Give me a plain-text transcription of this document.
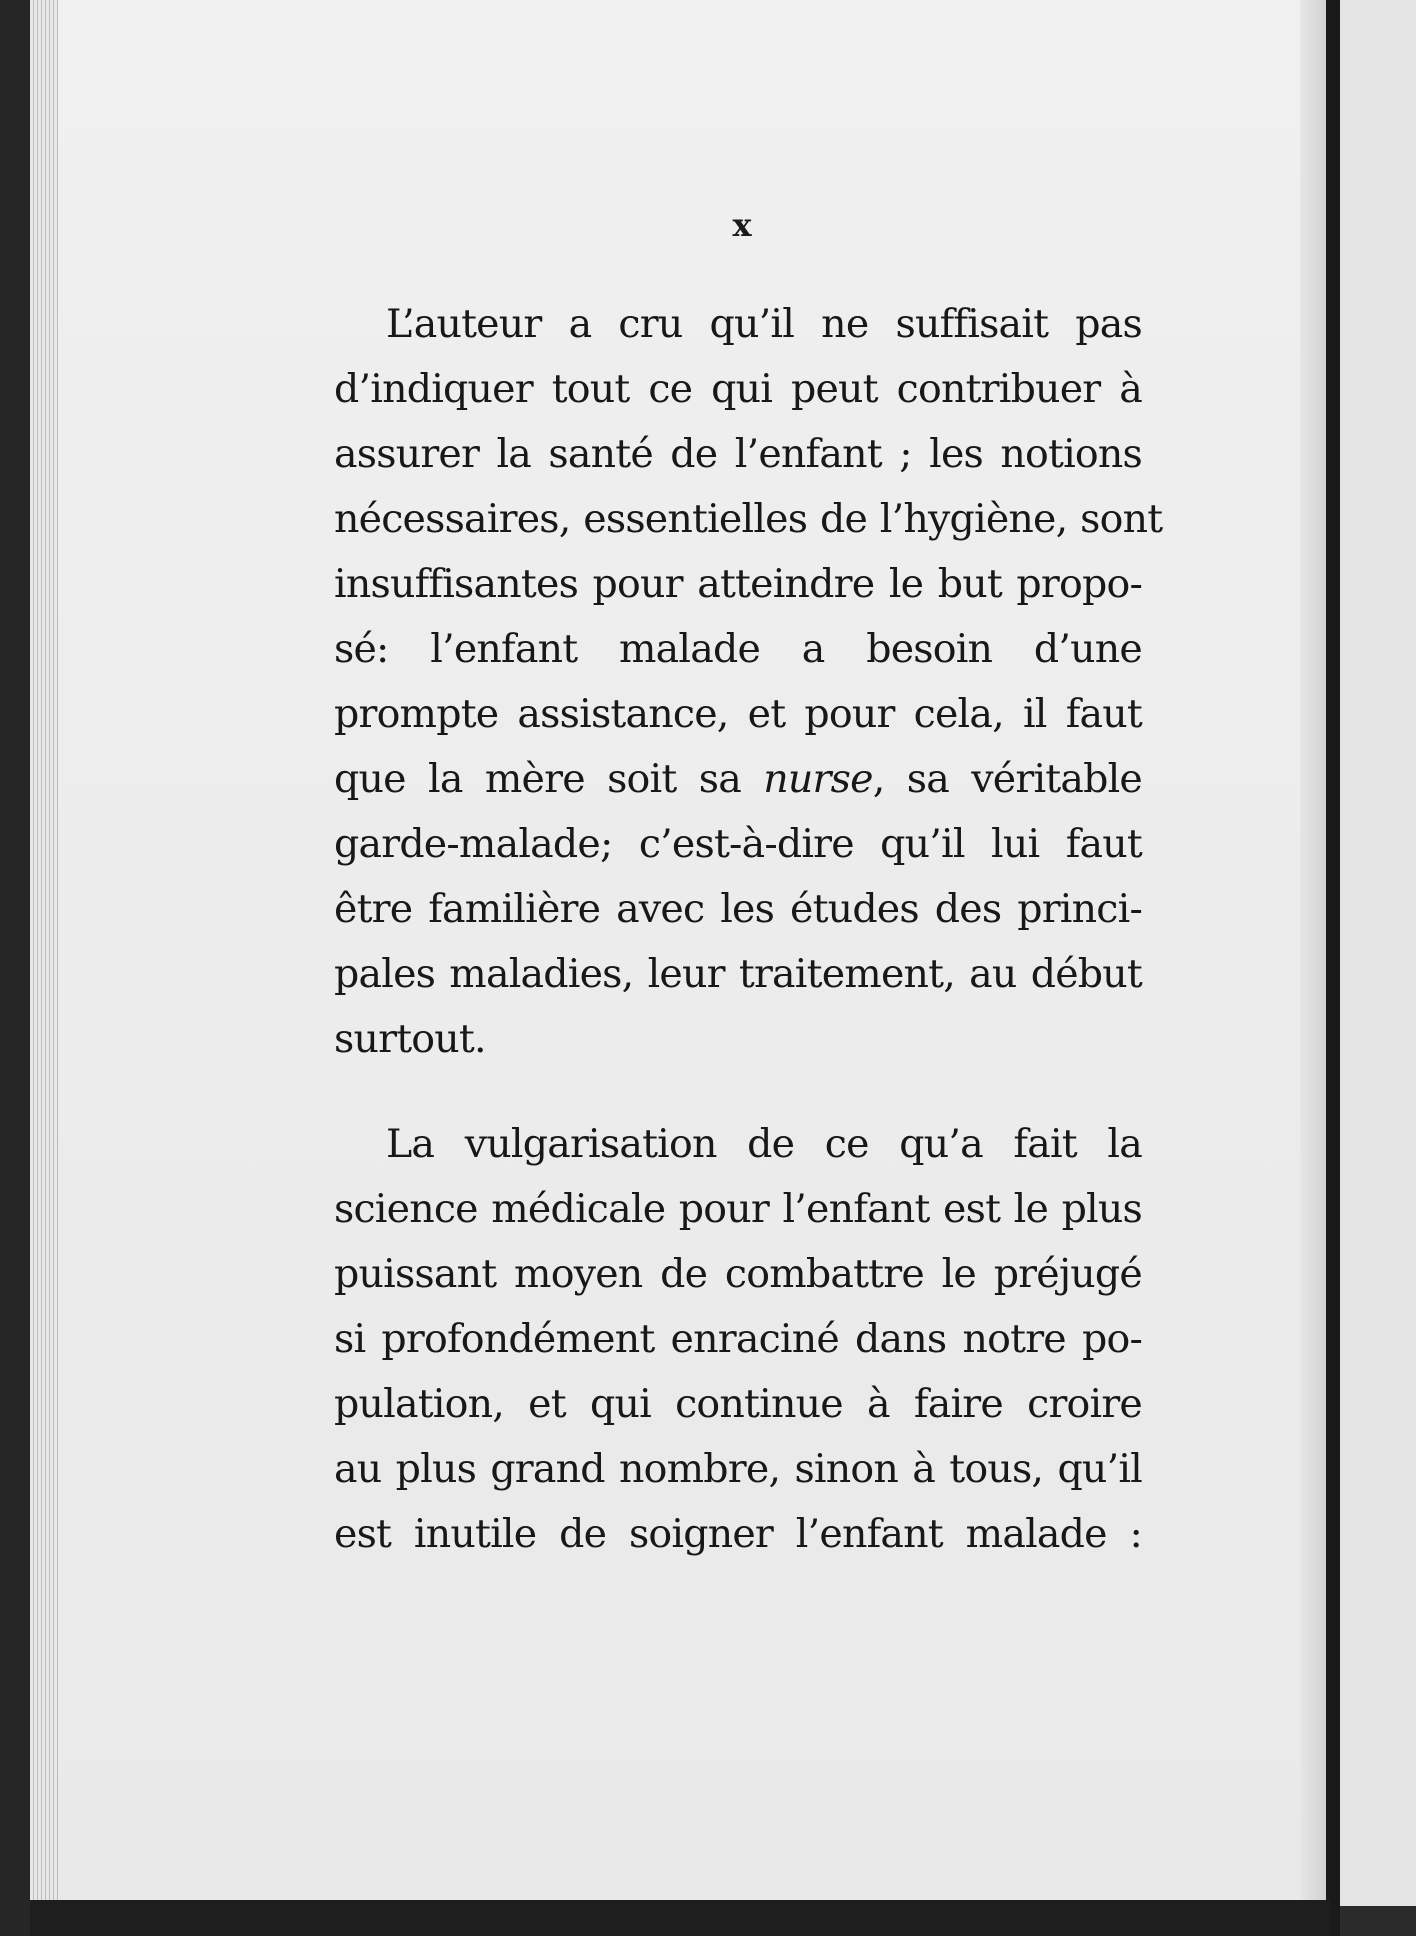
x
L’auteur a cru qu’il ne suffisait pas
d’indiquer tout ce qui peut contribuer à
assurer la santé de l’enfant ; les notions
nécessaires, essentielles de l’hygiène, sont
insuffisantes pour atteindre le but propo-
sé: l’enfant malade a besoin d’une
prompte assistance, et pour cela, il faut
que la mère soit sa nurse, sa véritable
garde-malade; c’est-à-dire qu’il lui faut
être familière avec les études des princi-
pales maladies, leur traitement, au début
surtout.
La vulgarisation de ce qu’a fait la
science médicale pour l’enfant est le plus
puissant moyen de combattre le préjugé
si profondément enraciné dans notre po-
pulation, et qui continue à faire croire
au plus grand nombre, sinon à tous, qu’il
est inutile de soigner l’enfant malade :
